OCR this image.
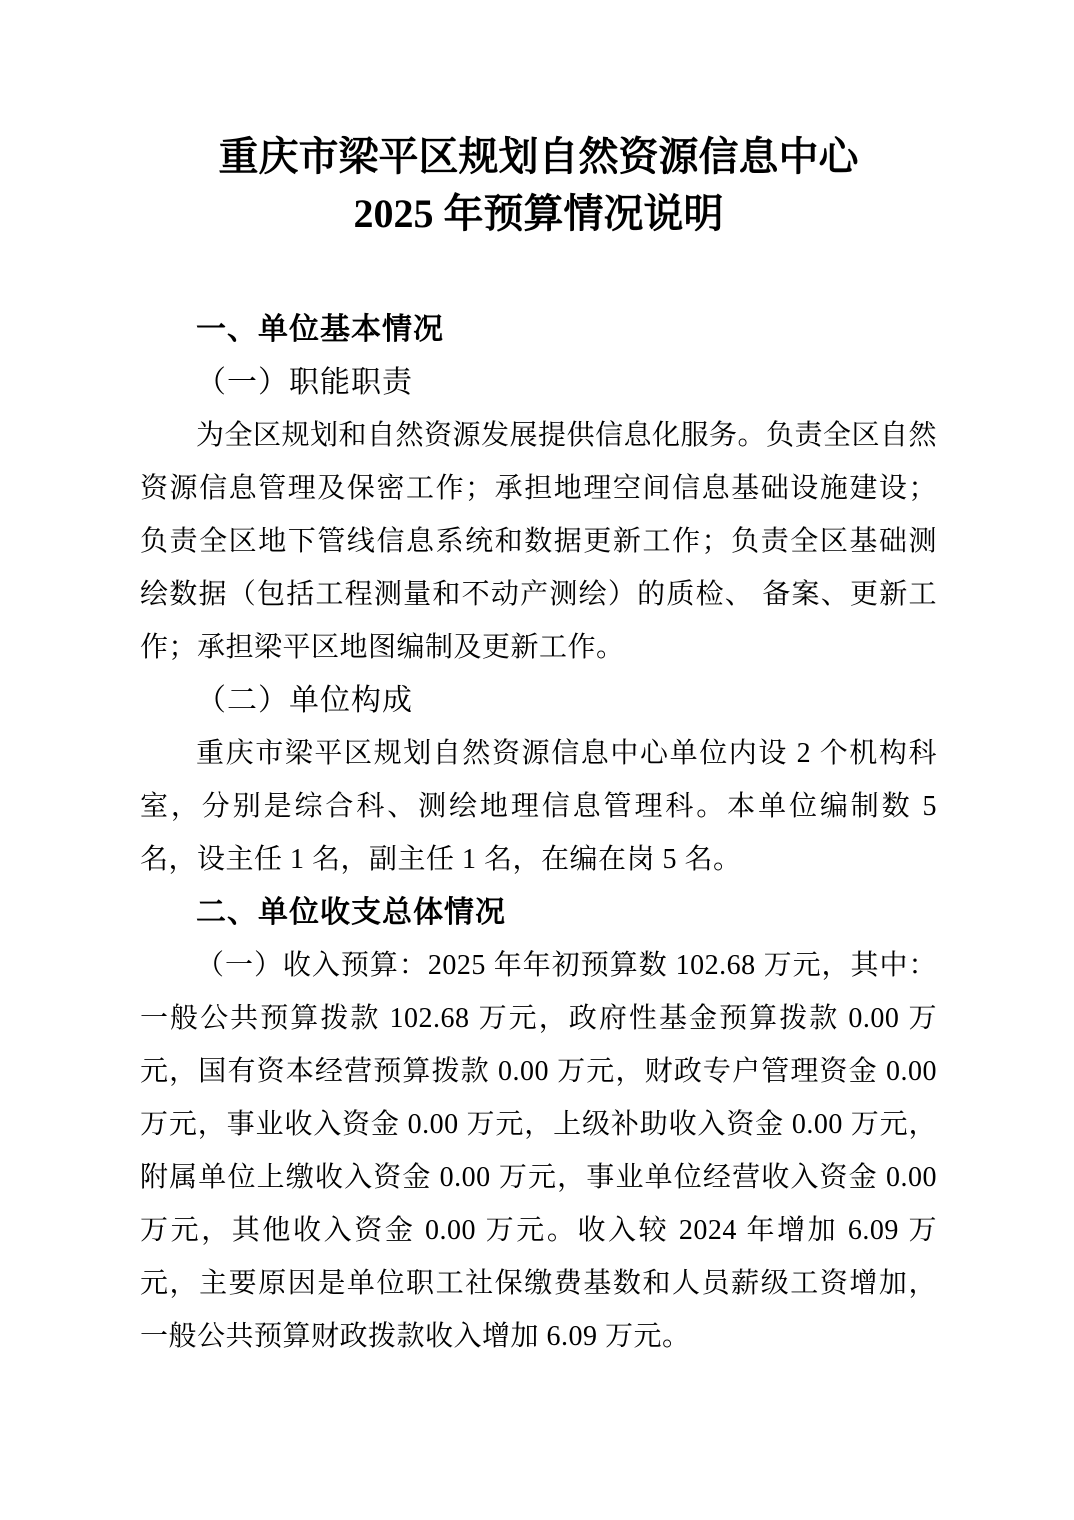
重庆市梁平区规划自然资源信息中心
2025 年预算情况说明
一、单位基本情况
（一）职能职责

为全区规划和自然资源发展提供信息化服务。负责全区自然资源信息管理及保密工作；承担地理空间信息基础设施建设；负责全区地下管线信息系统和数据更新工作；负责全区基础测绘数据（包括工程测量和不动产测绘）的质检、 备案、更新工作；承担梁平区地图编制及更新工作。

（二）单位构成

重庆市梁平区规划自然资源信息中心单位内设 2 个机构科室，分别是综合科、测绘地理信息管理科。本单位编制数 5 名，设主任 1 名，副主任 1 名，在编在岗 5 名。

二、单位收支总体情况

（一）收入预算：2025 年年初预算数 102.68 万元，其中：一般公共预算拨款 102.68 万元，政府性基金预算拨款 0.00 万元，国有资本经营预算拨款 0.00 万元，财政专户管理资金 0.00 万元，事业收入资金 0.00 万元，上级补助收入资金 0.00 万元，附属单位上缴收入资金 0.00 万元，事业单位经营收入资金 0.00 万元，其他收入资金 0.00 万元。收入较 2024 年增加 6.09 万元，主要原因是单位职工社保缴费基数和人员薪级工资增加，一般公共预算财政拨款收入增加 6.09 万元。
